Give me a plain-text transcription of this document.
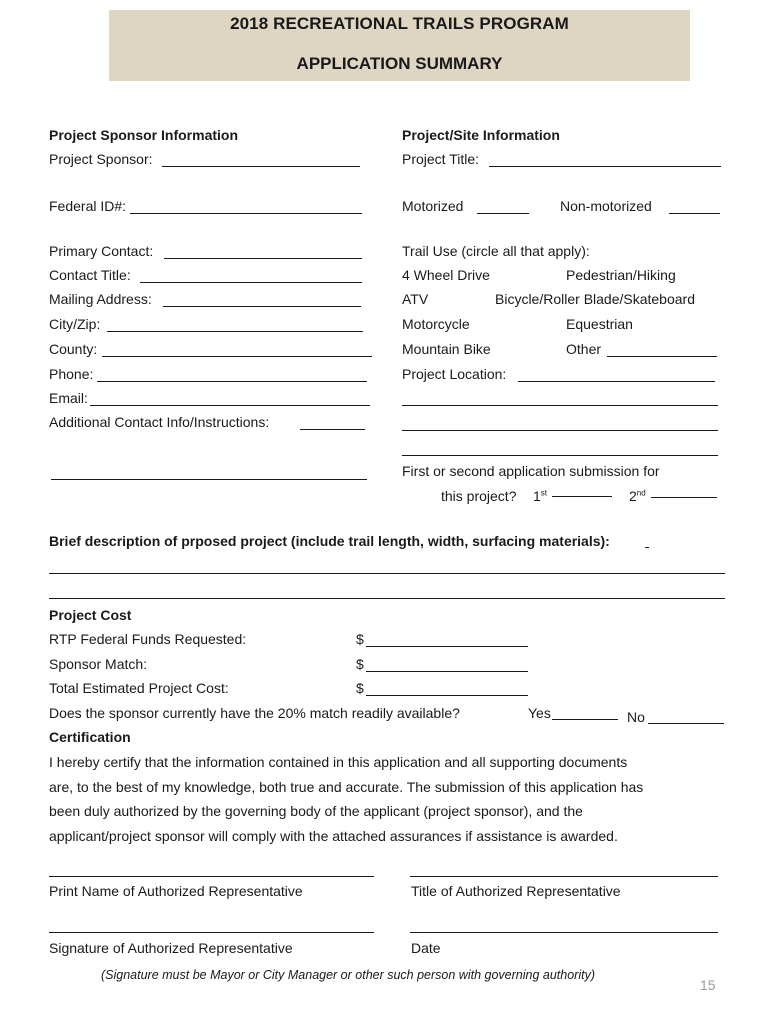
2018 RECREATIONAL TRAILS PROGRAM
APPLICATION SUMMARY
Project Sponsor Information
Project Sponsor:
Federal ID#:
Primary Contact:
Contact Title:
Mailing Address:
City/Zip:
County:
Phone:
Email:
Additional Contact Info/Instructions:
Project/Site Information
Project Title:
Motorized	Non-motorized
Trail Use (circle all that apply):
4 Wheel Drive	Pedestrian/Hiking
ATV	Bicycle/Roller Blade/Skateboard
Motorcycle	Equestrian
Mountain Bike	Other
Project Location:
First or second application submission for
this project? 1st	2nd
Brief description of prposed project (include trail length, width, surfacing materials):
Project Cost
RTP Federal Funds Requested:	$
Sponsor Match:	$
Total Estimated Project Cost:	$
Does the sponsor currently have the 20% match readily available?	Yes	No
Certification
I hereby certify that the information contained in this application and all supporting documents
are, to the best of my knowledge, both true and accurate. The submission of this application has
been duly authorized by the governing body of the applicant (project sponsor), and the
applicant/project sponsor will comply with the attached assurances if assistance is awarded.
Print Name of Authorized Representative	Title of Authorized Representative
Signature of Authorized Representative	Date
(Signature must be Mayor or City Manager or other such person with governing authority)
15
